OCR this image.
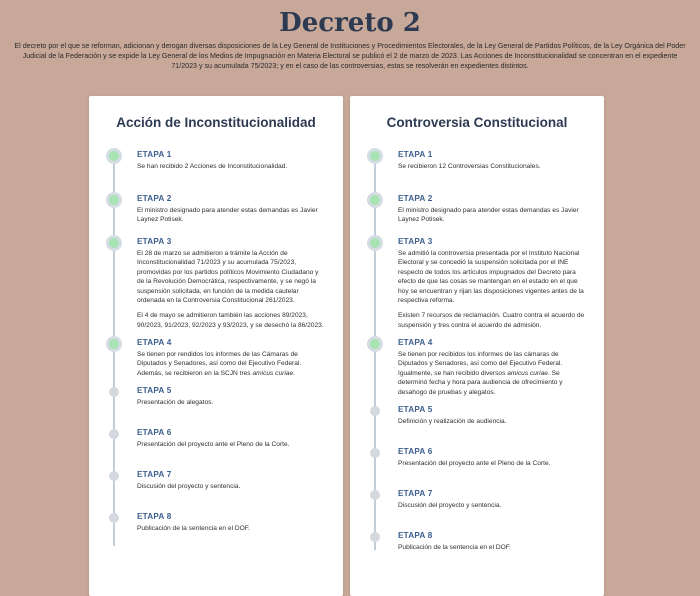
Decreto 2

El decreto por el que se reforman, adicionan y derogan diversas disposiciones de la Ley General de Instituciones y Procedimientos Electorales, de la Ley General de Partidos Políticos, de la Ley Orgánica del Poder Judicial de la Federación y se expide la Ley General de los Medios de Impugnación en Materia Electoral se publicó el 2 de marzo de 2023. Las Acciones de Inconstitucionalidad se concentran en el expediente 71/2023 y su acumulada 75/2023; y en el caso de las controversias, estas se resolverán en expedientes distintos.

Acción de Inconstitucionalidad
ETAPA 1

Se han recibido 2 Acciones de Inconstitucionalidad.

ETAPA 2

El ministro designado para atender estas demandas es Javier Laynez Potisek.

ETAPA 3

El 28 de marzo se admitieron a trámite la Acción de Inconstitucionalidad 71/2023 y su acumulada 75/2023, promovidas por los partidos políticos Movimiento Ciudadano y de la Revolución Democrática, respectivamente, y se negó la suspensión solicitada, en función de la medida cautelar ordenada en la Controversia Constitucional 261/2023.

El 4 de mayo se admitieron también las acciones 89/2023, 90/2023, 91/2023, 92/2023 y 93/2023, y se desechó la 86/2023.

ETAPA 4

Se tienen por rendidos los informes de las Cámaras de Diputados y Senadores, así como del Ejecutivo Federal. Además, se recibieron en la SCJN tres amicus curiae.

ETAPA 5

Presentación de alegatos.

ETAPA 6

Presentación del proyecto ante el Pleno de la Corte.

ETAPA 7

Discusión del proyecto y sentencia.

ETAPA 8

Publicación de la sentencia en el DOF.

Controversia Constitucional
ETAPA 1

Se recibieron 12 Controversias Constitucionales.

ETAPA 2

El ministro designado para atender estas demandas es Javier Laynez Potisek.

ETAPA 3

Se admitió la controversia presentada por el Instituto Nacional Electoral y se concedió la suspensión solicitada por el INE respecto de todos los artículos impugnados del Decreto para efecto de que las cosas se mantengan en el estado en el que hoy se encuentran y rijan las disposiciones vigentes antes de la respectiva reforma.

Existen 7 recursos de reclamación. Cuatro contra el acuerdo de suspensión y tres contra el acuerdo de admisión.

ETAPA 4

Se tienen por recibidos los informes de las cámaras de Diputados y Senadores, así como del Ejecutivo Federal. Igualmente, se han recibido diversos amicus curiae. Se determinó fecha y hora para audiencia de ofrecimiento y desahogo de pruebas y alegatos.

ETAPA 5

Definición y realización de audiencia.

ETAPA 6

Presentación del proyecto ante el Pleno de la Corte.

ETAPA 7

Discusión del proyecto y sentencia.

ETAPA 8

Publicación de la sentencia en el DOF.
